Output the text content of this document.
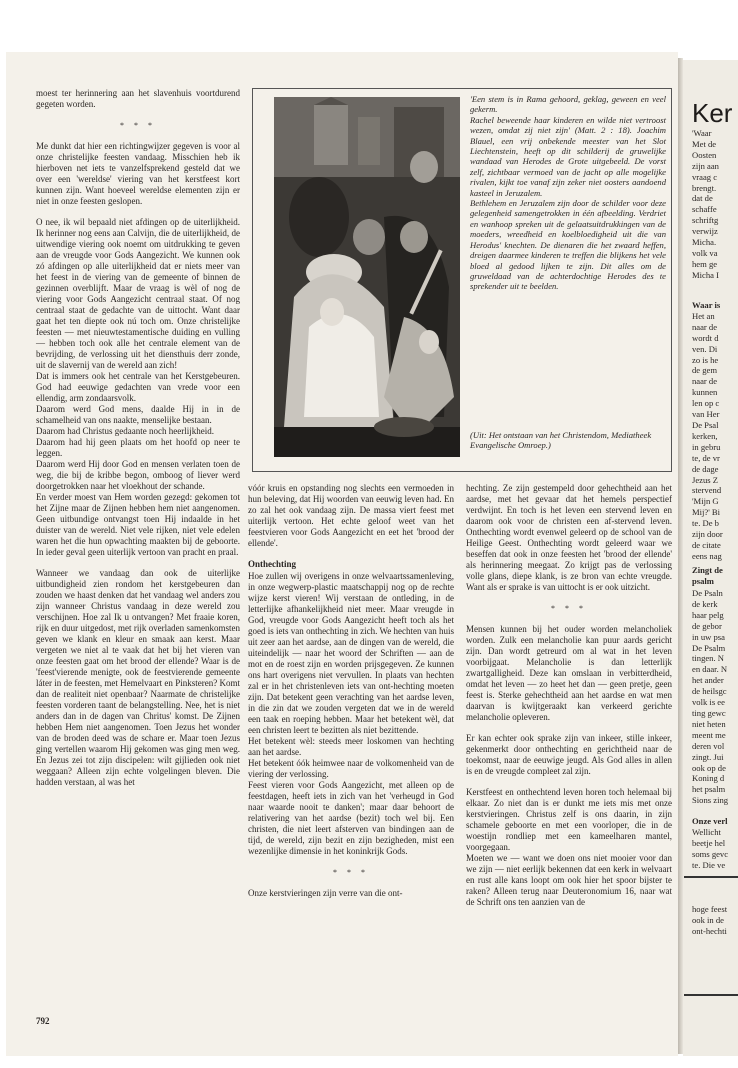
moest ter herinnering aan het slavenhuis voortdurend gegeten worden.

* * *

Me dunkt dat hier een richtingwijzer gegeven is voor al onze christelijke feesten vandaag. Misschien heb ik hierboven net iets te vanzelfsprekend gesteld dat we over een 'wereldse' viering van het kerstfeest kort kunnen zijn. Want hoeveel wereldse elementen zijn er niet in onze feesten geslopen.

O nee, ik wil bepaald niet afdingen op de uiterlijkheid. Ik herinner nog eens aan Calvijn, die de uiterlijkheid, de uitwendige viering ook noemt om uitdrukking te geven aan de vreugde voor Gods Aangezicht. We kunnen ook zó afdingen op alle uiterlijkheid dat er niets meer van het feest in de viering van de gemeente of binnen de gezinnen overblijft. Maar de vraag is wèl of nog de viering voor Gods Aangezicht centraal staat. Of nog centraal staat de gedachte van de uittocht. Want daar gaat het ten diepte ook nú toch om. Onze christelijke feesten — met nieuwtestamentische duiding en vulling — hebben toch ook alle het centrale element van de bevrijding, de verlossing uit het diensthuis derr zonde, uit de slavernij van de wereld aan zich!

Dat is immers ook het centrale van het Kerstgebeuren. God had eeuwige gedachten van vrede voor een ellendig, arm zondaarsvolk.

Daarom werd God mens, daalde Hij in in de schamelheid van ons naakte, menselijke bestaan.

Daarom had Christus gedaante noch heerlijkheid.

Daarom had hij geen plaats om het hoofd op neer te leggen.

Daarom werd Hij door God en mensen verlaten toen de weg, die bij de kribbe begon, omboog of liever werd doorgetrokken naar het vloekhout der schande.

En verder moest van Hem worden gezegd: gekomen tot het Zijne maar de Zijnen hebben hem niet aangenomen. Geen uitbundige ontvangst toen Hij indaalde in het duister van de wereld. Niet vele rijken, niet vele edelen waren het die hun opwachting maakten bij de geboorte. In ieder geval geen uiterlijk vertoon van pracht en praal.

Wanneer we vandaag dan ook de uiterlijke uitbundigheid zien rondom het kerstgebeuren dan zouden we haast denken dat het vandaag wel anders zou zijn wanneer Christus vandaag in deze wereld zou verschijnen. Hoe zal Ik u ontvangen? Met fraaie koren, rijk en duur uitgedost, met rijk overladen samenkomsten geven we klank en kleur en smaak aan kerst. Maar vergeten we niet al te vaak dat het bij het vieren van onze feesten gaat om het brood der ellende? Waar is de 'feest'vierende menigte, ook de feestvierende gemeente láter in de feesten, met Hemelvaart en Pinksteren? Komt dan de realiteit niet openbaar? Naarmate de christelijke feesten vorderen taant de belangstelling. Nee, het is niet anders dan in de dagen van Chritus' komst. De Zijnen hebben Hem niet aangenomen. Toen Jezus het wonder van de broden deed was de schare er. Maar toen Jezus ging vertellen waarom Hij gekomen was ging men weg. En Jezus zei tot zijn discipelen: wilt gijlieden ook niet weggaan? Alleen zijn echte volgelingen bleven. Die hadden verstaan, al was het

'Een stem is in Rama gehoord, geklag, geween en veel gekerm.

Rachel beweende haar kinderen en wilde niet vertroost wezen, omdat zij niet zijn' (Matt. 2 : 18). Joachim Blauel, een vrij onbekende meester van het Slot Liechtenstein, heeft op dit schilderij de gruwelijke wandaad van Herodes de Grote uitgebeeld. De vorst zelf, zichtbaar vermoed van de jacht op alle mogelijke rivalen, kijkt toe vanaf zijn zeker niet oosters aandoend kasteel in Jeruzalem.

Bethlehem en Jeruzalem zijn door de schilder voor deze gelegenheid samengetrokken in één afbeelding. Verdriet en wanhoop spreken uit de gelaatsuitdrukkingen van de moeders, wreedheid en koelbloedigheid uit die van Herodus' knechten. De dienaren die het zwaard heffen, dreigen daarmee kinderen te treffen die blijkens het vele bloed al gedood lijken te zijn. Dit alles om de gruweldaad van de achterdochtige Herodes des te sprekender uit te beelden.

(Uit: Het ontstaan van het Christendom, Mediatheek Evangelische Omroep.)

vóór kruis en opstanding nog slechts een vermoeden in hun beleving, dat Hij woorden van eeuwig leven had. En zo zal het ook vandaag zijn. De massa viert feest met uiterlijk vertoon. Het echte geloof weet van het feestvieren voor Gods Aangezicht en eet het 'brood der ellende'.

Onthechting

Hoe zullen wij overigens in onze welvaartssamenleving, in onze wegwerp-plastic maatschappij nog op de rechte wijze kerst vieren! Wij verstaan de ontleding, in de letterlijke afhankelijkheid niet meer. Maar vreugde in God, vreugde voor Gods Aangezicht heeft toch als het goed is iets van onthechting in zich. We hechten van huis uit zeer aan het aardse, aan de dingen van de wereld, die uiteindelijk — naar het woord der Schriften — aan de mot en de roest zijn en worden prijsgegeven. Ze kunnen ons hart overigens niet vervullen. In plaats van hechten zal er in het christenleven iets van ont-hechting moeten zijn. Dat betekent geen verachting van het aardse leven, in die zin dat we zouden vergeten dat we in de wereld een taak en roeping hebben. Maar het betekent wèl, dat een christen leert te bezitten als niet bezittende.

Het betekent wèl: steeds meer loskomen van hechting aan het aardse.

Het betekent óók heimwee naar de volkomenheid van de viering der verlossing.

Feest vieren voor Gods Aangezicht, met alleen op de feestdagen, heeft iets in zich van het 'verheugd in God naar waarde nooit te danken'; maar daar behoort de relativering van het aardse (bezit) toch wel bij. Een christen, die niet leert afsterven van bindingen aan de tijd, de wereld, zijn bezit en zijn bezigheden, mist een wezenlijke dimensie in het koninkrijk Gods.

* * *

Onze kerstvieringen zijn verre van die ont-

hechting. Ze zijn gestempeld door gehechtheid aan het aardse, met het gevaar dat het hemels perspectief verdwijnt. En toch is het leven een stervend leven en daarom ook voor de christen een af-stervend leven. Onthechting wordt evenwel geleerd op de school van de Heilige Geest. Onthechting wordt geleerd waar we beseffen dat ook in onze feesten het 'brood der ellende' als herinnering meegaat. Zo krijgt pas de verlossing volle glans, diepe klank, is ze bron van echte vreugde. Want als er sprake is van uittocht is er ook uitzicht.

* * *

Mensen kunnen bij het ouder worden melancholiek worden. Zulk een melancholie kan puur aards gericht zijn. Dan wordt getreurd om al wat in het leven voorbijgaat. Melancholie is dan letterlijk zwartgalligheid. Deze kan omslaan in verbitterdheid, omdat het leven — zo heet het dan — geen pretje, geen feest is. Sterke gehechtheid aan het aardse en wat men daarvan is kwijtgeraakt kan verkeerd gerichte melancholie opleveren.

Er kan echter ook sprake zijn van inkeer, stille inkeer, gekenmerkt door onthechting en gerichtheid naar de toekomst, naar de eeuwige jeugd. Als God alles in allen is en de vreugde compleet zal zijn.

Kerstfeest en onthechtend leven horen toch helemaal bij elkaar. Zo niet dan is er dunkt me iets mis met onze kerstvieringen. Christus zelf is ons daarin, in zijn schamele geboorte en met een voorloper, die in de woestijn rondliep met een kameelharen mantel, voorgegaan.

Moeten we — want we doen ons niet mooier voor dan we zijn — niet eerlijk bekennen dat een kerk in welvaart en rust alle kans loopt om ook hier het spoor bijster te raken? Alleen terug naar Deuteronomium 16, naar wat de Schrift ons ten aanzien van de

792
Ker

'Waar

Met de

Oosten

zijn aan

vraag c

brengt.

dat de

schaffe

schriftg

verwijz

Micha.

volk va

hem ge

Micha I

Waar is

Het an

naar de

wordt d

ven. Di

zo is he

de gem

naar de

kunnen

len op c

van Her

De Psal

kerken,

in gebru

te, de vr

de dage

Jezus Z

stervend

'Mijn G

Mij?' Bi

te. De b

zijn door

de citate

eens nag

Zingt de psalm

De Psaln

de kerk

haar pelg

de gebor

in uw psa

De Psalm

tingen. N

en daar. N

het ander

de heilsgc

volk is ee

ting gewc

niet heten

meent me

deren vol

zingt. Jui

ook op de

Koning d

het psalm

Sions zing

Onze verl

Wellicht

beetje hel

soms gevc

te. Die ve

hoge feest

ook in de

ont-hechti
